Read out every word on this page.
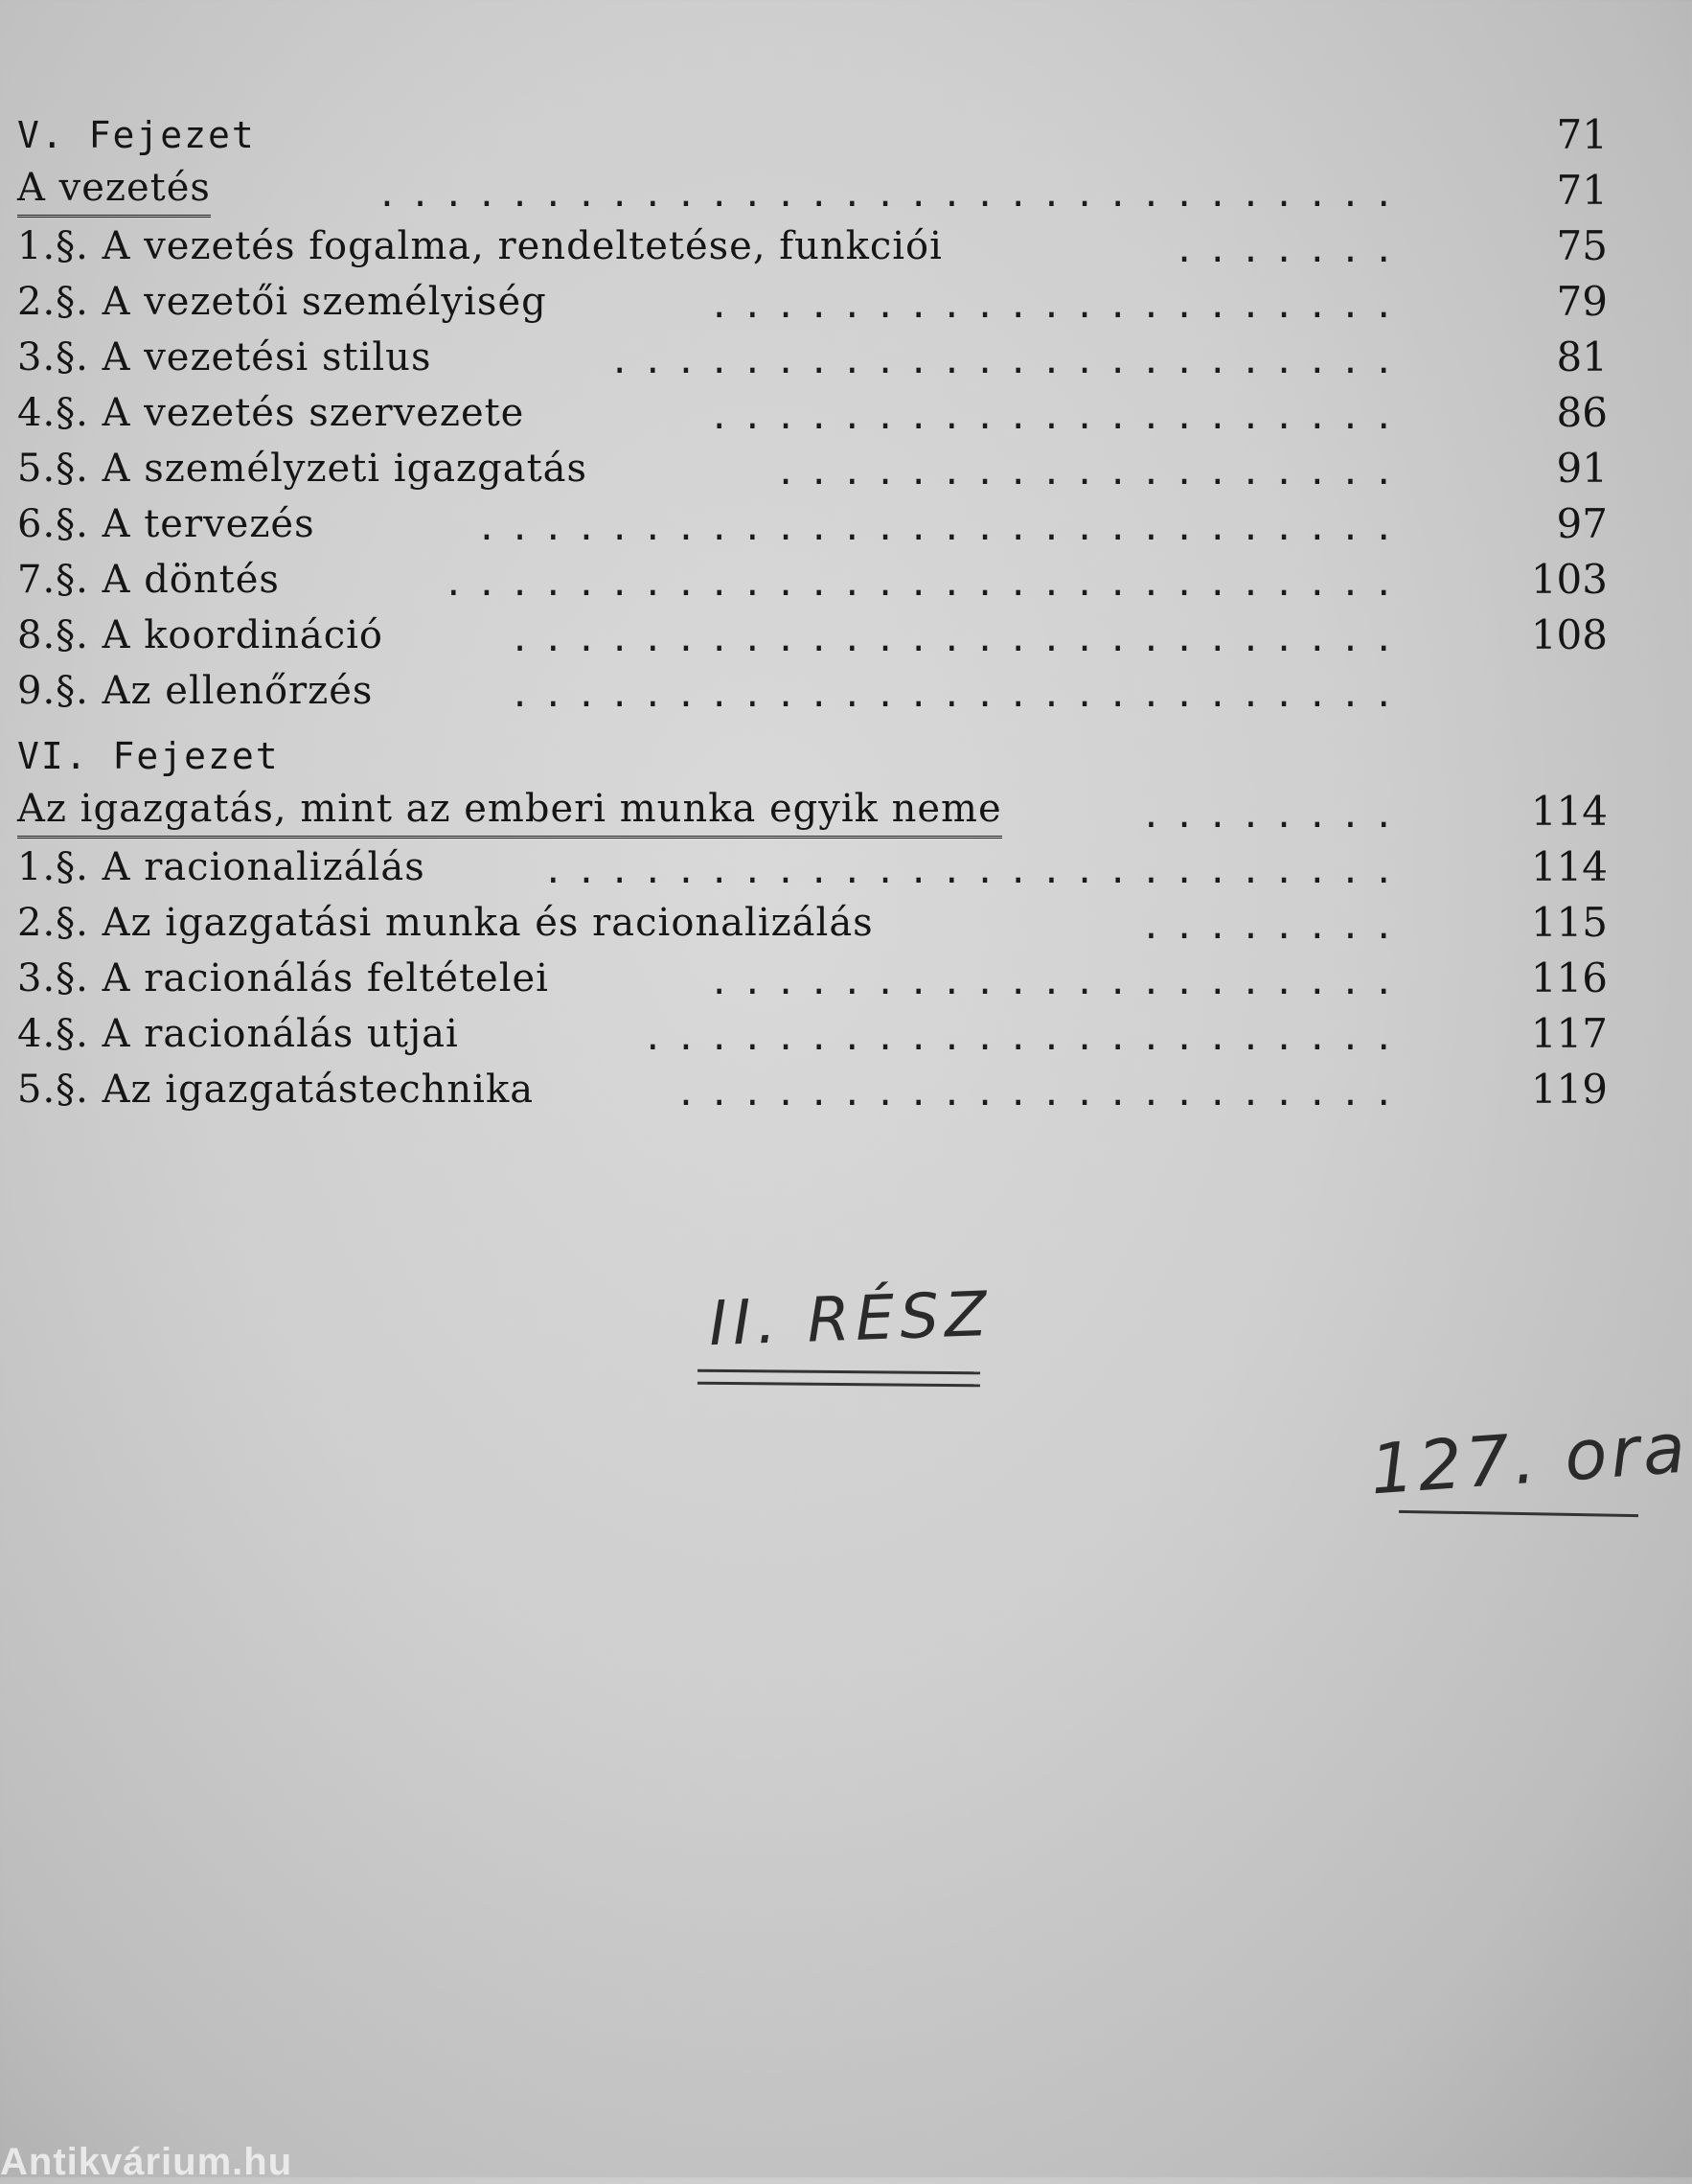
V. Fejezet	71
A vezetés	...............................	71
1.§. A vezetés fogalma, rendeltetése, funkciói	.......	75
2.§. A vezetői személyiség	.....................	79
3.§. A vezetési stilus	........................	81
4.§. A vezetés szervezete	.....................	86
5.§. A személyzeti igazgatás	...................	91
6.§. A tervezés	............................	97
7.§. A döntés	.............................	103
8.§. A koordináció	...........................	108
9.§. Az ellenőrzés	...........................
VI. Fejezet
Az igazgatás, mint az emberi munka egyik neme	........	114
1.§. A racionalizálás	..........................	114
2.§. Az igazgatási munka és racionalizálás	........	115
3.§. A racionálás feltételei	.....................	116
4.§. A racionálás utjai	.......................	117
5.§. Az igazgatástechnika	......................	119
II. RÉSZ
127. ora
Antikvárium.hu
